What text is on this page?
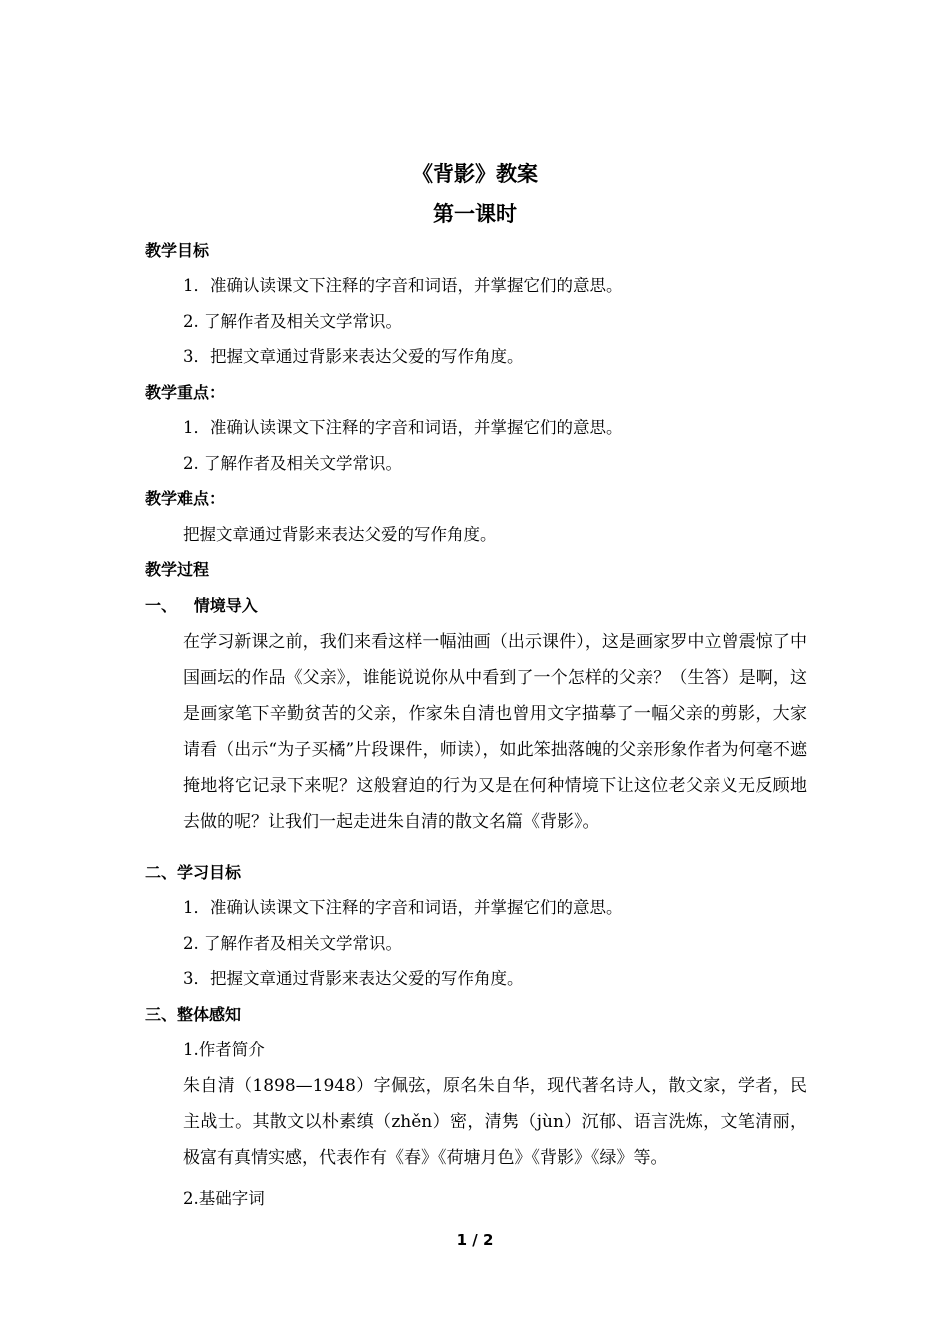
《背影》教案
第一课时
教学目标
1．准确认读课文下注释的字音和词语，并掌握它们的意思。
2. 了解作者及相关文学常识。
3．把握文章通过背影来表达父爱的写作角度。
教学重点：
1．准确认读课文下注释的字音和词语，并掌握它们的意思。
2. 了解作者及相关文学常识。
教学难点：
把握文章通过背影来表达父爱的写作角度。
教学过程
一、   情境导入
在学习新课之前，我们来看这样一幅油画（出示课件），这是画家罗中立曾震惊了中国画坛的作品《父亲》，谁能说说你从中看到了一个怎样的父亲？（生答）是啊，这是画家笔下辛勤贫苦的父亲，作家朱自清也曾用文字描摹了一幅父亲的剪影，大家请看（出示“为子买橘”片段课件，师读），如此笨拙落魄的父亲形象作者为何毫不遮掩地将它记录下来呢？这般窘迫的行为又是在何种情境下让这位老父亲义无反顾地去做的呢？让我们一起走进朱自清的散文名篇《背影》。
二、学习目标
1．准确认读课文下注释的字音和词语，并掌握它们的意思。
2. 了解作者及相关文学常识。
3．把握文章通过背影来表达父爱的写作角度。
三、整体感知
1.作者简介
朱自清（1898—1948）字佩弦，原名朱自华，现代著名诗人，散文家，学者，民主战士。其散文以朴素缜（zhěn）密，清隽（jùn）沉郁、语言洗炼，文笔清丽，极富有真情实感，代表作有《春》《荷塘月色》《背影》《绿》等。
2.基础字词
1 / 2
